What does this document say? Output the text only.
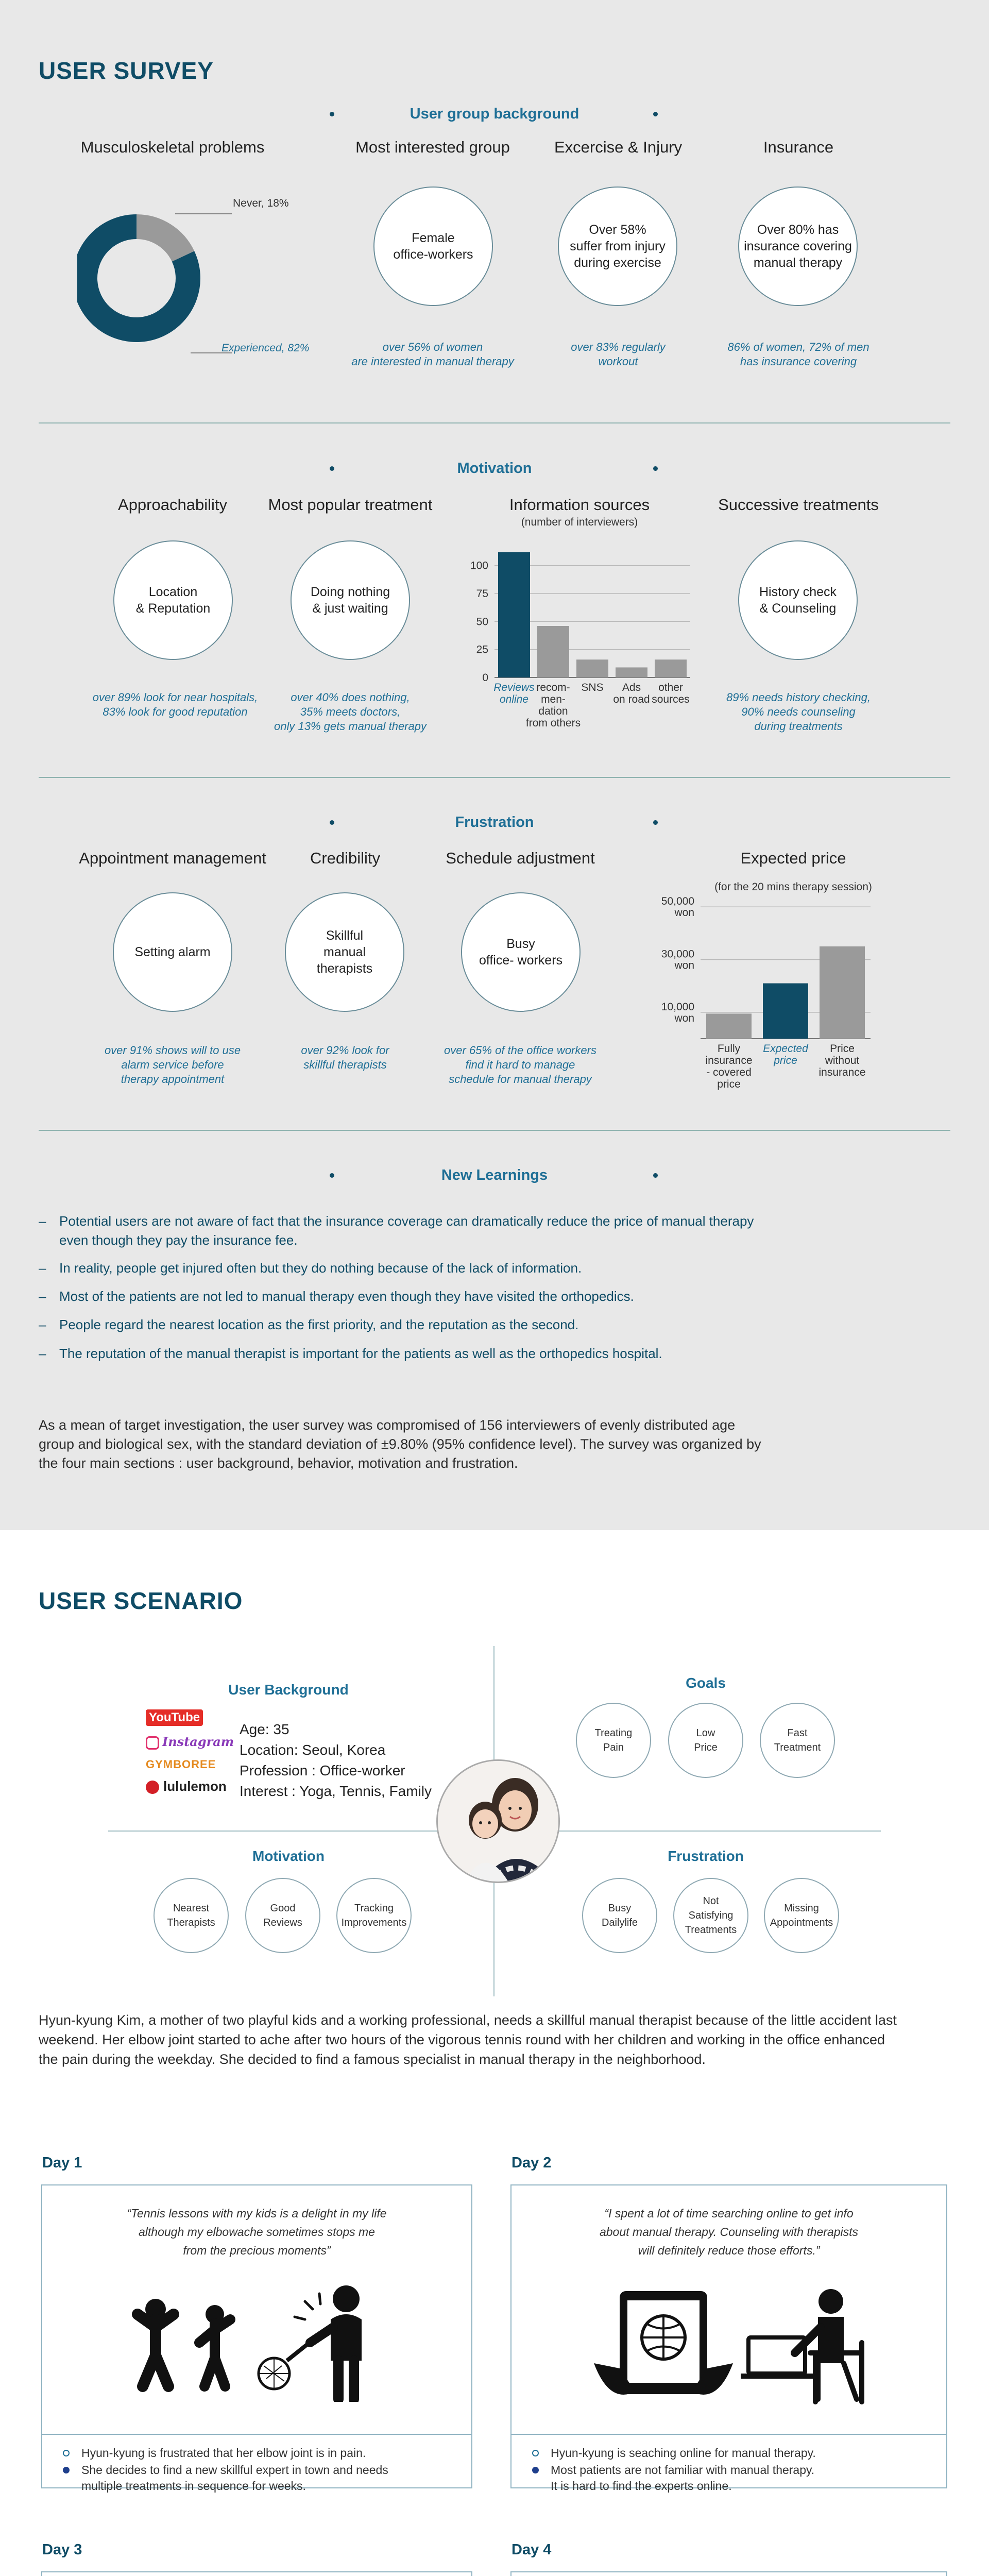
USER SURVEY
User group background
Musculoskeletal problems	Most interested group	Excercise & Injury	Insurance
Never, 18%
Experienced, 82%
Female
office-workers
Over 58%
suffer from injury
during exercise
Over 80% has
insurance covering
manual therapy
over 56% of women
are interested in manual therapy
over 83% regularly
workout
86% of women, 72% of men
has insurance covering
Motivation
Approachability	Most popular treatment	Information sources
(number of interviewers)
Successive treatments
Location
& Reputation
Doing nothing
& just waiting
History check
& Counseling
0
25
50
75
100
Reviews
online
recom-
men-
dation
from others
SNS Ads
on road
other
sources
over 89% look for near hospitals,
83% look for good reputation
over 40% does nothing,
35% meets doctors,
only 13% gets manual therapy
89% needs history checking,
90% needs counseling
during treatments
Frustration
Appointment management	Credibility	Schedule adjustment	Expected price
(for the 20 mins therapy session)
Setting alarm
Skillful
manual
therapists
Busy
office- workers
10,000
won
30,000
won
50,000
won
Fully
insurance
- covered
price
Expected
price
Price
without
insurance
over 91% shows will to use
alarm service before
therapy appointment
over 92% look for
skillful therapists
over 65% of the office workers
find it hard to manage
schedule for manual therapy
New Learnings
– Potential users are not aware of fact that the insurance coverage can dramatically reduce the price of manual therapy
even though they pay the insurance fee.
– In reality, people get injured often but they do nothing because of the lack of information.
– Most of the patients are not led to manual therapy even though they have visited the orthopedics.
– People regard the nearest location as the first priority, and the reputation as the second.
– The reputation of the manual therapist is important for the patients as well as the orthopedics hospital.
As a mean of target investigation, the user survey was compromised of 156 interviewers of evenly distributed age
group and biological sex, with the standard deviation of ±9.80% (95% confidence level). The survey was organized by
the four main sections : user background, behavior, motivation and frustration.
USER SCENARIO
User Background
YouTube
Instagram
GYMBOREE
lululemon
Age: 35
Location: Seoul, Korea
Profession : Office-worker
Interest : Yoga, Tennis, Family
Goals
Treating
Pain
Low
Price
Fast
Treatment
Motivation
Nearest
Therapists
Good
Reviews
Tracking
Improvements
Frustration
Busy
Dailylife
Not
Satisfying
Treatments
Missing
Appointments
Hyun-kyung Kim, a mother of two playful kids and a working professional, needs a skillful manual therapist because of the little accident last
weekend. Her elbow joint started to ache after two hours of the vigorous tennis round with her children and working in the office enhanced
the pain during the weekday. She decided to find a famous specialist in manual therapy in the neighborhood.
Day 1
“Tennis lessons with my kids is a delight in my life
although my elbowache sometimes stops me
from the precious moments”
Hyun-kyung is frustrated that her elbow joint is in pain.
She decides to find a new skillful expert in town and needs
multiple treatments in sequence for weeks.
Day 2
“I spent a lot of time searching online to get info
about manual therapy. Counseling with therapists
will definitely reduce those efforts.”
Hyun-kyung is seaching online for manual therapy.
Most patients are not familiar with manual therapy.
It is hard to find the experts online.
Day 3	Day 4
